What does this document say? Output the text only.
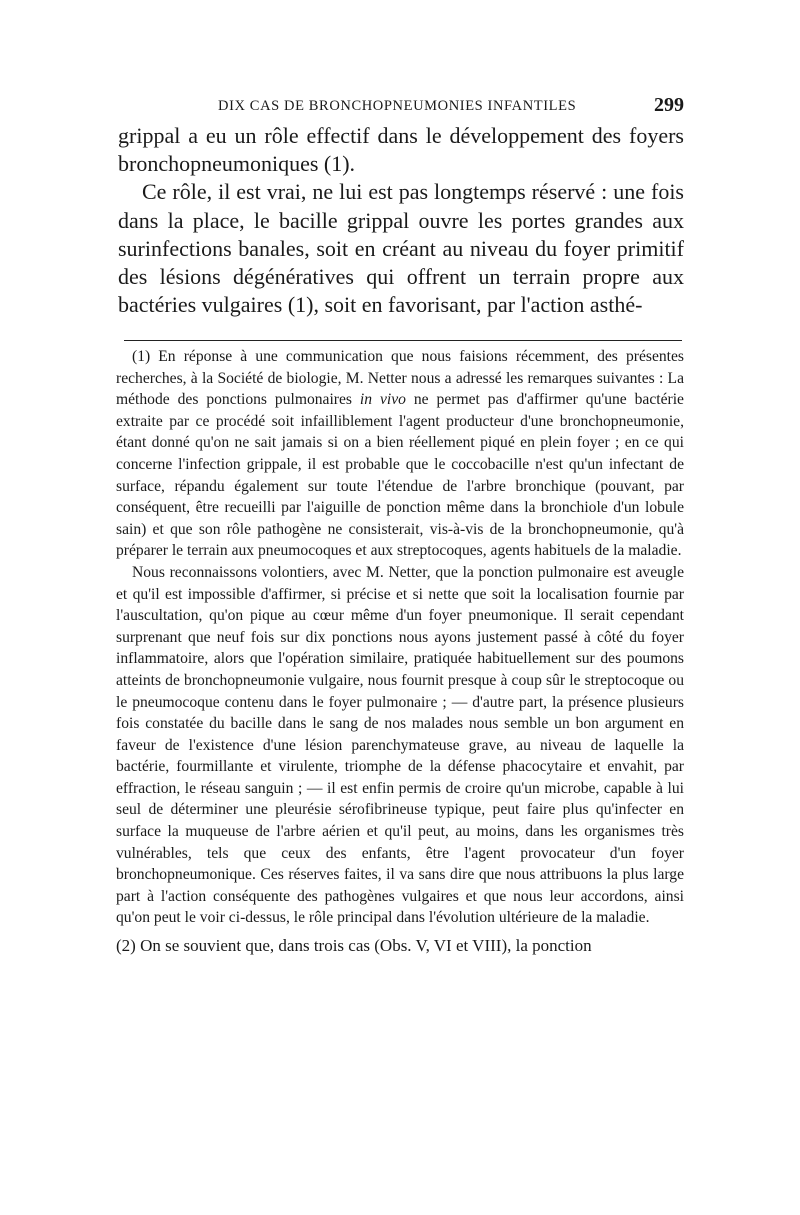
DIX CAS DE BRONCHOPNEUMONIES INFANTILES	299

grippal a eu un rôle effectif dans le développement des foyers bronchopneumoniques (1).

Ce rôle, il est vrai, ne lui est pas longtemps réservé : une fois dans la place, le bacille grippal ouvre les portes grandes aux surinfections banales, soit en créant au niveau du foyer primitif des lésions dégénératives qui offrent un terrain propre aux bactéries vulgaires (1), soit en favorisant, par l'action asthé-

(1) En réponse à une communication que nous faisions récemment, des présentes recherches, à la Société de biologie, M. Netter nous a adressé les remarques suivantes : La méthode des ponctions pulmonaires in vivo ne permet pas d'affirmer qu'une bactérie extraite par ce procédé soit infailliblement l'agent producteur d'une bronchopneumonie, étant donné qu'on ne sait jamais si on a bien réellement piqué en plein foyer ; en ce qui concerne l'infection grippale, il est probable que le coccobacille n'est qu'un infectant de surface, répandu également sur toute l'étendue de l'arbre bronchique (pouvant, par conséquent, être recueilli par l'aiguille de ponction même dans la bronchiole d'un lobule sain) et que son rôle pathogène ne consisterait, vis-à-vis de la bronchopneumonie, qu'à préparer le terrain aux pneumocoques et aux streptocoques, agents habituels de la maladie.

Nous reconnaissons volontiers, avec M. Netter, que la ponction pulmonaire est aveugle et qu'il est impossible d'affirmer, si précise et si nette que soit la localisation fournie par l'auscultation, qu'on pique au cœur même d'un foyer pneumonique. Il serait cependant surprenant que neuf fois sur dix ponctions nous ayons justement passé à côté du foyer inflammatoire, alors que l'opération similaire, pratiquée habituellement sur des poumons atteints de bronchopneumonie vulgaire, nous fournit presque à coup sûr le streptocoque ou le pneumocoque contenu dans le foyer pulmonaire ; — d'autre part, la présence plusieurs fois constatée du bacille dans le sang de nos malades nous semble un bon argument en faveur de l'existence d'une lésion parenchymateuse grave, au niveau de laquelle la bactérie, fourmillante et virulente, triomphe de la défense phacocytaire et envahit, par effraction, le réseau sanguin ; — il est enfin permis de croire qu'un microbe, capable à lui seul de déterminer une pleurésie sérofibrineuse typique, peut faire plus qu'infecter en surface la muqueuse de l'arbre aérien et qu'il peut, au moins, dans les organismes très vulnérables, tels que ceux des enfants, être l'agent provocateur d'un foyer bronchopneumonique. Ces réserves faites, il va sans dire que nous attribuons la plus large part à l'action conséquente des pathogènes vulgaires et que nous leur accordons, ainsi qu'on peut le voir ci-dessus, le rôle principal dans l'évolution ultérieure de la maladie.

(2) On se souvient que, dans trois cas (Obs. V, VI et VIII), la ponction
